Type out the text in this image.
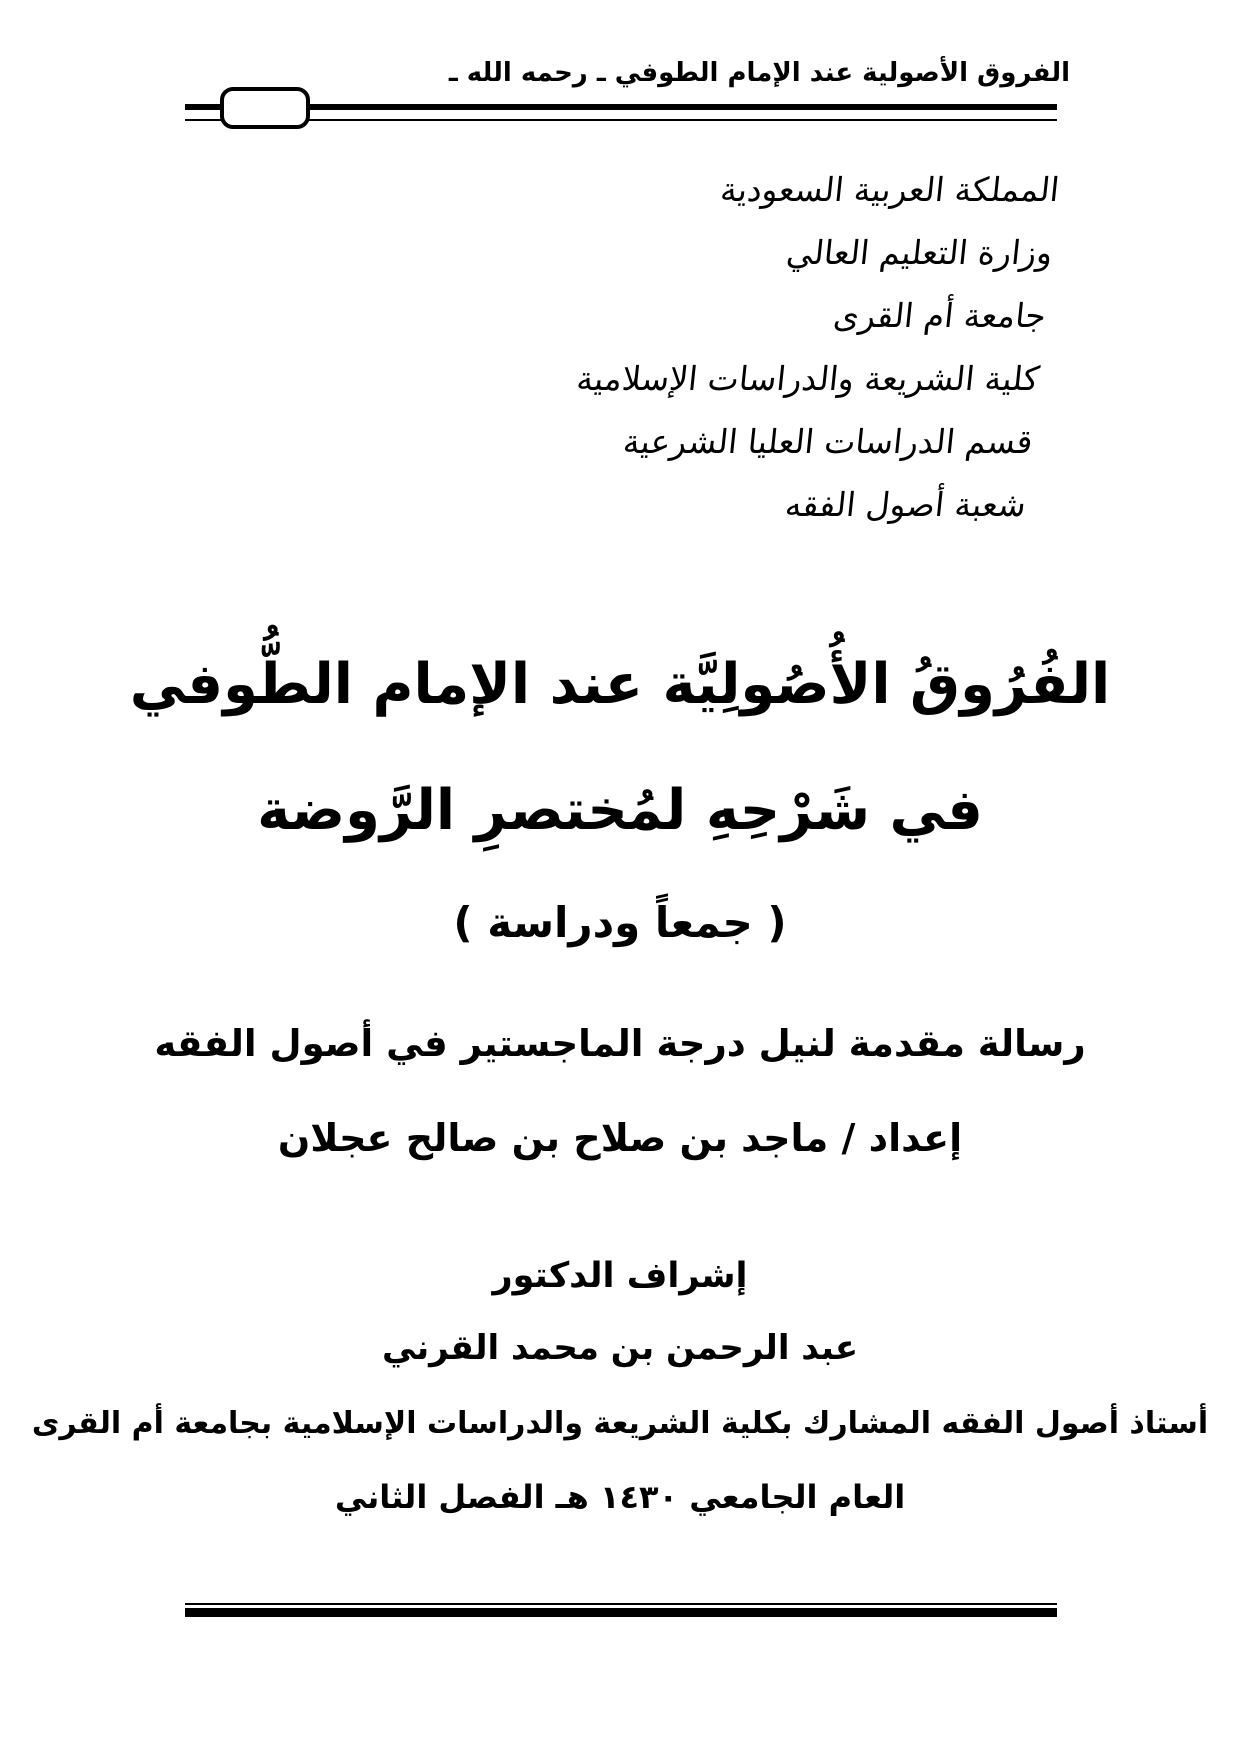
الفروق الأصولية عند الإمام الطوفي ـ رحمه الله ـ
المملكة العربية السعودية
وزارة التعليم العالي
جامعة أم القرى
كلية الشريعة والدراسات الإسلامية
قسم الدراسات العليا الشرعية
شعبة أصول الفقه
الفُرُوقُ الأُصُولِيَّة عند الإمام الطُّوفي
في شَرْحِهِ لمُختصرِ الرَّوضة
( جمعاً ودراسة )
رسالة مقدمة لنيل درجة الماجستير في أصول الفقه
إعداد / ماجد بن صلاح بن صالح عجلان
إشراف الدكتور
عبد الرحمن بن محمد القرني
أستاذ أصول الفقه المشارك بكلية الشريعة والدراسات الإسلامية بجامعة أم القرى
العام الجامعي ١٤٣٠ هـ الفصل الثاني
